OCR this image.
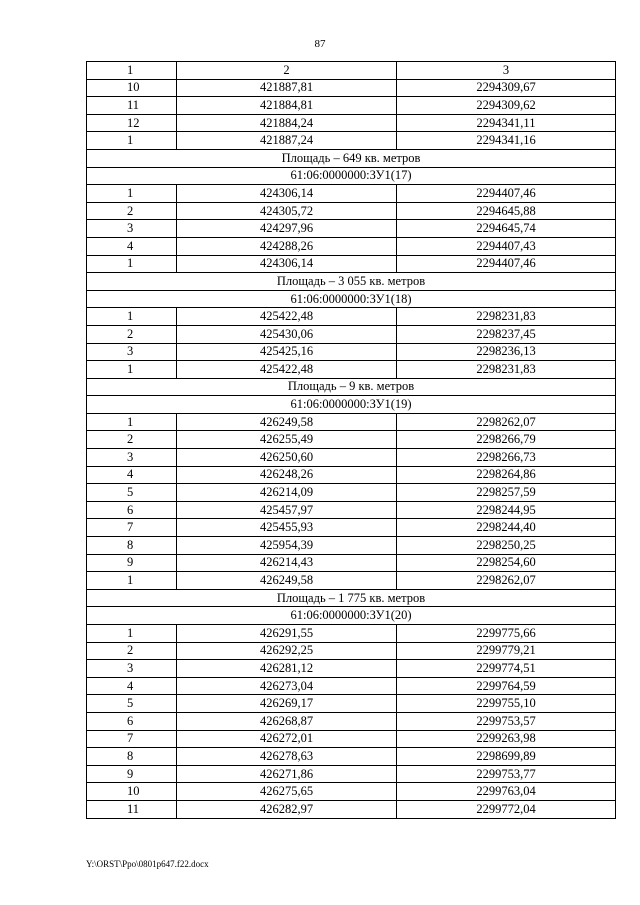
87
1	2	3
10	421887,81	2294309,67
11	421884,81	2294309,62
12	421884,24	2294341,11
1	421887,24	2294341,16
Площадь – 649 кв. метров		
61:06:0000000:ЗУ1(17)		
1	424306,14	2294407,46
2	424305,72	2294645,88
3	424297,96	2294645,74
4	424288,26	2294407,43
1	424306,14	2294407,46
Площадь – 3 055 кв. метров		
61:06:0000000:ЗУ1(18)		
1	425422,48	2298231,83
2	425430,06	2298237,45
3	425425,16	2298236,13
1	425422,48	2298231,83
Площадь – 9 кв. метров		
61:06:0000000:ЗУ1(19)		
1	426249,58	2298262,07
2	426255,49	2298266,79
3	426250,60	2298266,73
4	426248,26	2298264,86
5	426214,09	2298257,59
6	425457,97	2298244,95
7	425455,93	2298244,40
8	425954,39	2298250,25
9	426214,43	2298254,60
1	426249,58	2298262,07
Площадь – 1 775 кв. метров		
61:06:0000000:ЗУ1(20)		
1	426291,55	2299775,66
2	426292,25	2299779,21
3	426281,12	2299774,51
4	426273,04	2299764,59
5	426269,17	2299755,10
6	426268,87	2299753,57
7	426272,01	2299263,98
8	426278,63	2298699,89
9	426271,86	2299753,77
10	426275,65	2299763,04
11	426282,97	2299772,04
Y:\ORST\Ppo\0801p647.f22.docx
